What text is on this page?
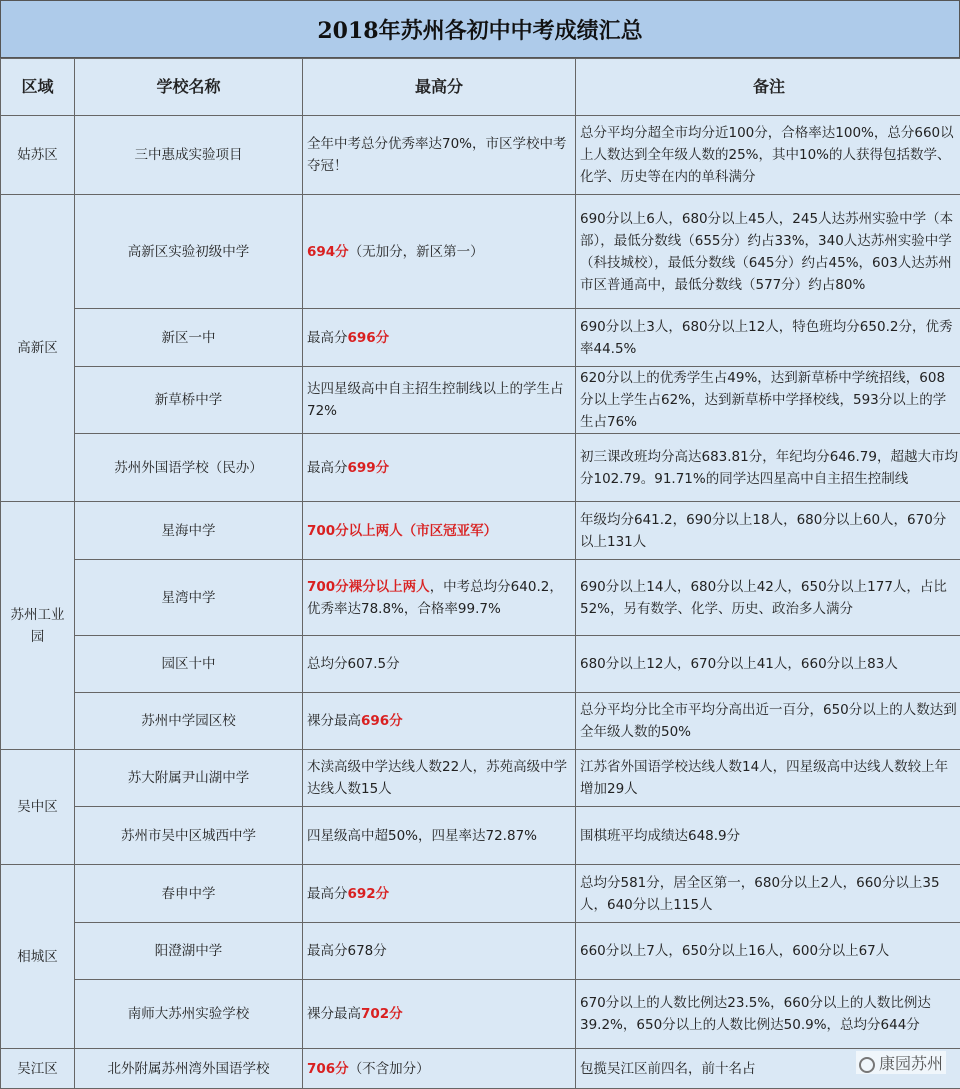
2018年苏州各初中中考成绩汇总
区域	学校名称	最高分	备注
姑苏区	三中惠成实验项目	全年中考总分优秀率达70%，市区学校中考夺冠！	总分平均分超全市均分近100分，合格率达100%，总分660以上人数达到全年级人数的25%，其中10%的人获得包括数学、化学、历史等在内的单科满分
高新区	高新区实验初级中学	694分（无加分，新区第一）	690分以上6人，680分以上45人，245人达苏州实验中学（本部），最低分数线（655分）约占33%，340人达苏州实验中学（科技城校），最低分数线（645分）约占45%，603人达苏州市区普通高中，最低分数线（577分）约占80%
	新区一中	最高分696分	690分以上3人，680分以上12人，特色班均分650.2分，优秀率44.5%
	新草桥中学	达四星级高中自主招生控制线以上的学生占72%	620分以上的优秀学生占49%，达到新草桥中学统招线，608分以上学生占62%，达到新草桥中学择校线，593分以上的学生占76%
	苏州外国语学校（民办）	最高分699分	初三课改班均分高达683.81分，年纪均分646.79，超越大市均分102.79。91.71%的同学达四星高中自主招生控制线
苏州工业园	星海中学	700分以上两人（市区冠亚军）	年级均分641.2，690分以上18人，680分以上60人，670分以上131人
	星湾中学	700分裸分以上两人，中考总均分640.2，优秀率达78.8%，合格率99.7%	690分以上14人，680分以上42人，650分以上177人，占比52%，另有数学、化学、历史、政治多人满分
	园区十中	总均分607.5分	680分以上12人，670分以上41人，660分以上83人
	苏州中学园区校	裸分最高696分	总分平均分比全市平均分高出近一百分，650分以上的人数达到全年级人数的50%
吴中区	苏大附属尹山湖中学	木渎高级中学达线人数22人，苏苑高级中学达线人数15人	江苏省外国语学校达线人数14人，四星级高中达线人数较上年增加29人
	苏州市吴中区城西中学	四星级高中超50%，四星率达72.87%	围棋班平均成绩达648.9分
相城区	春申中学	最高分692分	总均分581分，居全区第一，680分以上2人，660分以上35人，640分以上115人
	阳澄湖中学	最高分678分	660分以上7人，650分以上16人，600分以上67人
	南师大苏州实验学校	裸分最高702分	670分以上的人数比例达23.5%，660分以上的人数比例达39.2%，650分以上的人数比例达50.9%，总均分644分
吴江区	北外附属苏州湾外国语学校	706分（不含加分）	包揽吴江区前四名，前十名占	康园苏州
